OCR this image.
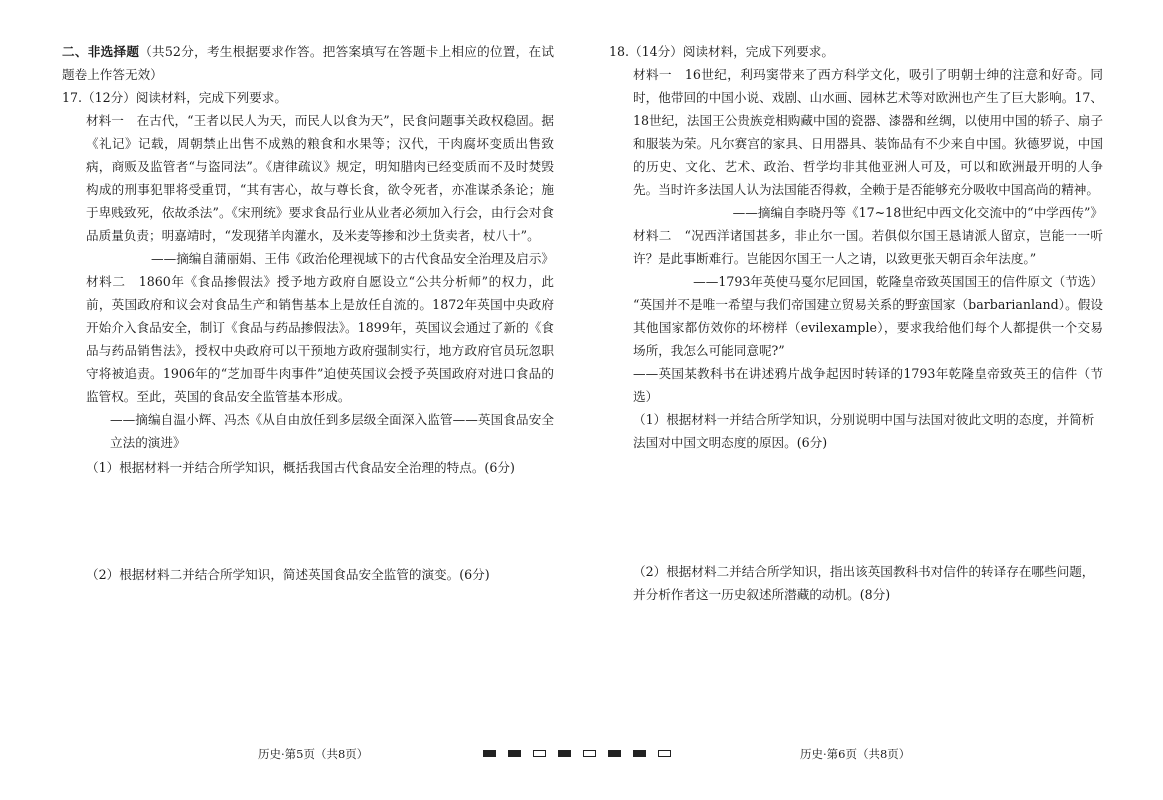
二、非选择题（共52分，考生根据要求作答。把答案填写在答题卡上相应的位置，在试题卷上作答无效）

17.（12分）阅读材料，完成下列要求。

材料一　在古代，“王者以民人为天，而民人以食为天”，民食问题事关政权稳固。据《礼记》记载，周朝禁止出售不成熟的粮食和水果等；汉代，干肉腐坏变质出售致病，商贩及监管者“与盗同法”。《唐律疏议》规定，明知腊肉已经变质而不及时焚毁构成的刑事犯罪将受重罚，“其有害心，故与尊长食，欲令死者，亦准谋杀条论；施于卑贱致死，依故杀法”。《宋刑统》要求食品行业从业者必须加入行会，由行会对食品质量负责；明嘉靖时，“发现猪羊肉灌水，及米麦等掺和沙土货卖者，杖八十”。

——摘编自蒲丽娟、王伟《政治伦理视域下的古代食品安全治理及启示》

材料二　1860年《食品掺假法》授予地方政府自愿设立“公共分析师”的权力，此前，英国政府和议会对食品生产和销售基本上是放任自流的。1872年英国中央政府开始介入食品安全，制订《食品与药品掺假法》。1899年，英国议会通过了新的《食品与药品销售法》，授权中央政府可以干预地方政府强制实行，地方政府官员玩忽职守将被追责。1906年的“芝加哥牛肉事件”迫使英国议会授予英国政府对进口食品的监管权。至此，英国的食品安全监管基本形成。

——摘编自温小辉、冯杰《从自由放任到多层级全面深入监管——英国食品安全立法的演进》

（1）根据材料一并结合所学知识，概括我国古代食品安全治理的特点。(6分)

（2）根据材料二并结合所学知识，简述英国食品安全监管的演变。(6分)

18.（14分）阅读材料，完成下列要求。

材料一　16世纪，利玛窦带来了西方科学文化，吸引了明朝士绅的注意和好奇。同时，他带回的中国小说、戏剧、山水画、园林艺术等对欧洲也产生了巨大影响。17、18世纪，法国王公贵族竞相购藏中国的瓷器、漆器和丝绸，以使用中国的轿子、扇子和服装为荣。凡尔赛宫的家具、日用器具、装饰品有不少来自中国。狄德罗说，中国的历史、文化、艺术、政治、哲学均非其他亚洲人可及，可以和欧洲最开明的人争先。当时许多法国人认为法国能否得救，全赖于是否能够充分吸收中国高尚的精神。

——摘编自李晓丹等《17~18世纪中西文化交流中的“中学西传”》

材料二　“况西洋诸国甚多，非止尔一国。若俱似尔国王恳请派人留京，岂能一一听许？是此事断难行。岂能因尔国王一人之请，以致更张天朝百余年法度。”

——1793年英使马戛尔尼回国，乾隆皇帝致英国国王的信件原文（节选）

“英国并不是唯一希望与我们帝国建立贸易关系的野蛮国家（barbarianland）。假设其他国家都仿效你的坏榜样（evilexample），要求我给他们每个人都提供一个交易场所，我怎么可能同意呢?”

——英国某教科书在讲述鸦片战争起因时转译的1793年乾隆皇帝致英王的信件（节选）

（1）根据材料一并结合所学知识，分别说明中国与法国对彼此文明的态度，并简析法国对中国文明态度的原因。(6分)

（2）根据材料二并结合所学知识，指出该英国教科书对信件的转译存在哪些问题，并分析作者这一历史叙述所潜藏的动机。(8分)

历史·第5页（共8页）	历史·第6页（共8页）
